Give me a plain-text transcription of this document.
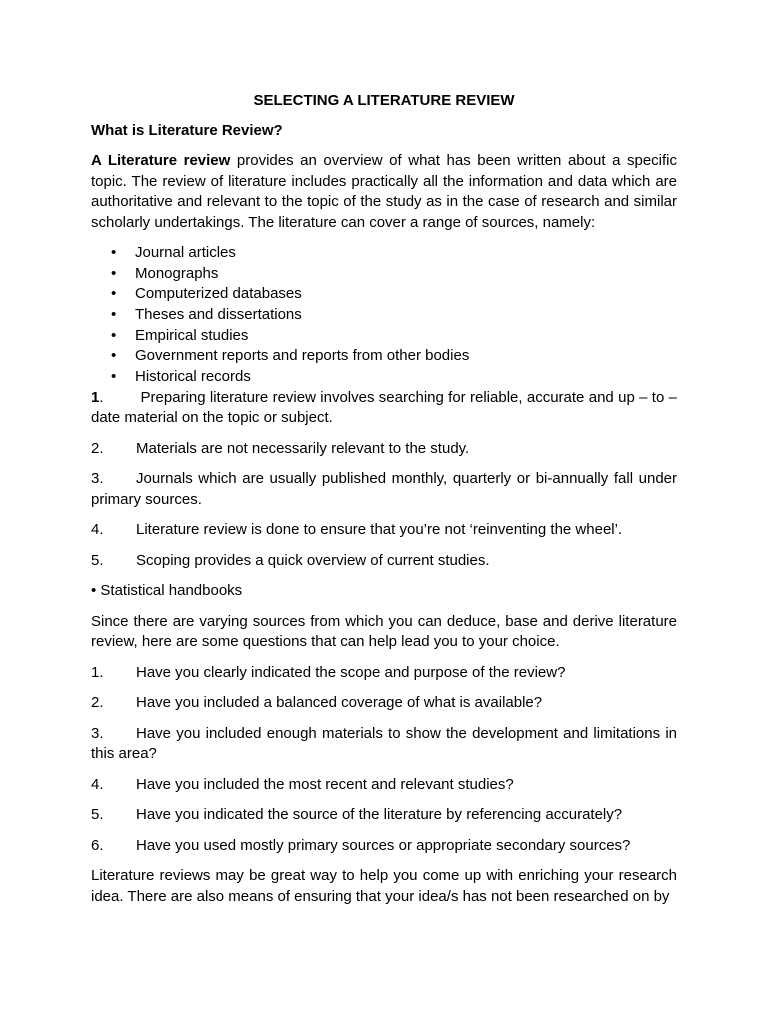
SELECTING A LITERATURE REVIEW
What is Literature Review?

A Literature review provides an overview of what has been written about a specific topic. The review of literature includes practically all the information and data which are authoritative and relevant to the topic of the study as in the case of research and similar scholarly undertakings. The literature can cover a range of sources, namely:

• Journal articles
• Monographs
• Computerized databases
• Theses and dissertations
• Empirical studies
• Government reports and reports from other bodies
• Historical records

1. Preparing literature review involves searching for reliable, accurate and up – to – date material on the topic or subject.

2.	Materials are not necessarily relevant to the study.

3. Journals which are usually published monthly, quarterly or bi-annually fall under primary sources.

4.	Literature review is done to ensure that you’re not ‘reinventing the wheel’.
5.	Scoping provides a quick overview of current studies.

• Statistical handbooks

Since there are varying sources from which you can deduce, base and derive literature review, here are some questions that can help lead you to your choice.

1.	Have you clearly indicated the scope and purpose of the review?
2.	Have you included a balanced coverage of what is available?

3. Have you included enough materials to show the development and limitations in this area?

4.	Have you included the most recent and relevant studies?
5.	Have you indicated the source of the literature by referencing accurately?
6.	Have you used mostly primary sources or appropriate secondary sources?

Literature reviews may be great way to help you come up with enriching your research idea. There are also means of ensuring that your idea/s has not been researched on by
